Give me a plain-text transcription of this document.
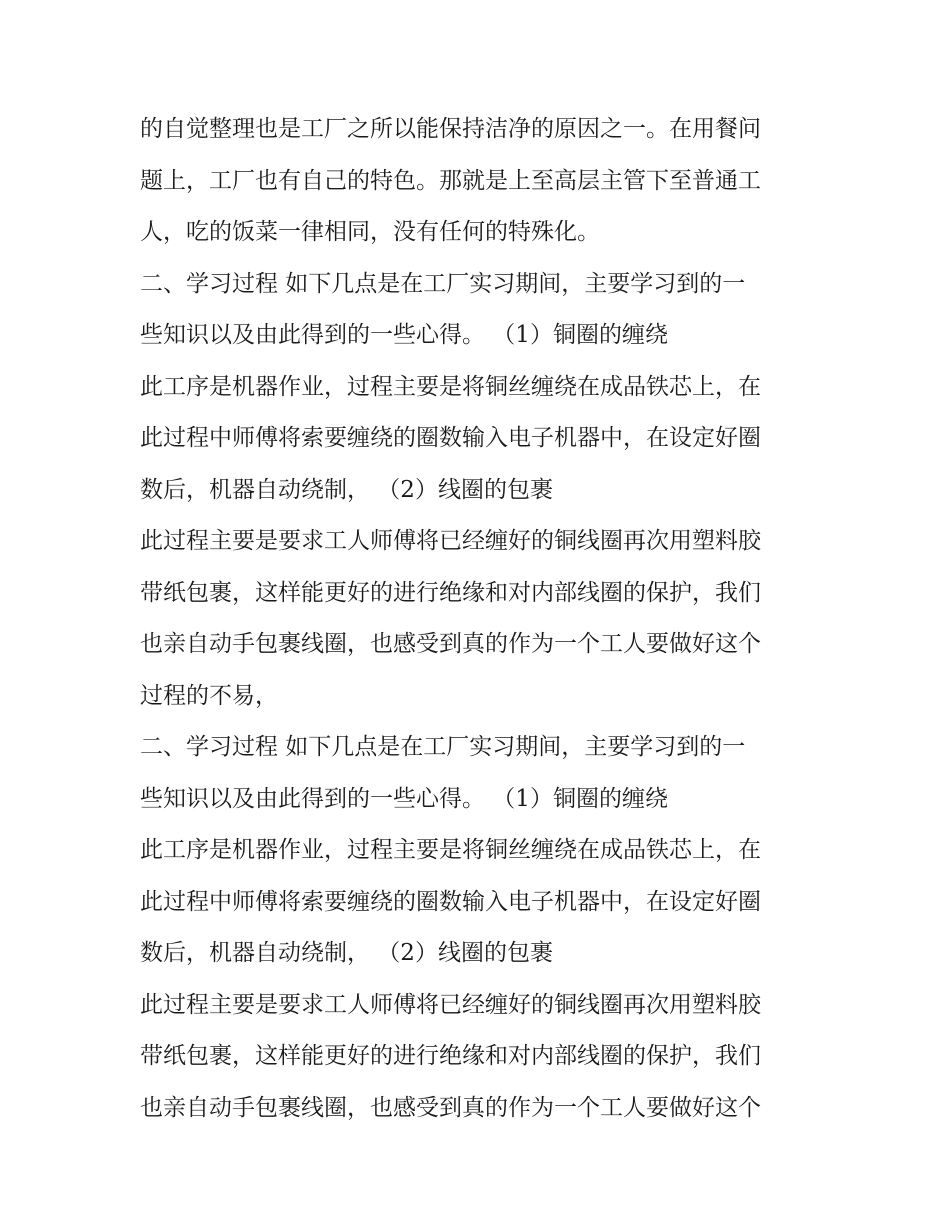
的自觉整理也是工厂之所以能保持洁净的原因之一。在用餐问
题上，工厂也有自己的特色。那就是上至高层主管下至普通工
人，吃的饭菜一律相同，没有任何的特殊化。
二、学习过程 如下几点是在工厂实习期间，主要学习到的一
些知识以及由此得到的一些心得。 （1）铜圈的缠绕
此工序是机器作业，过程主要是将铜丝缠绕在成品铁芯上，在
此过程中师傅将索要缠绕的圈数输入电子机器中，在设定好圈
数后，机器自动绕制， （2）线圈的包裹
此过程主要是要求工人师傅将已经缠好的铜线圈再次用塑料胶
带纸包裹，这样能更好的进行绝缘和对内部线圈的保护，我们
也亲自动手包裹线圈，也感受到真的作为一个工人要做好这个
过程的不易，
二、学习过程 如下几点是在工厂实习期间，主要学习到的一
些知识以及由此得到的一些心得。 （1）铜圈的缠绕
此工序是机器作业，过程主要是将铜丝缠绕在成品铁芯上，在
此过程中师傅将索要缠绕的圈数输入电子机器中，在设定好圈
数后，机器自动绕制， （2）线圈的包裹
此过程主要是要求工人师傅将已经缠好的铜线圈再次用塑料胶
带纸包裹，这样能更好的进行绝缘和对内部线圈的保护，我们
也亲自动手包裹线圈，也感受到真的作为一个工人要做好这个
